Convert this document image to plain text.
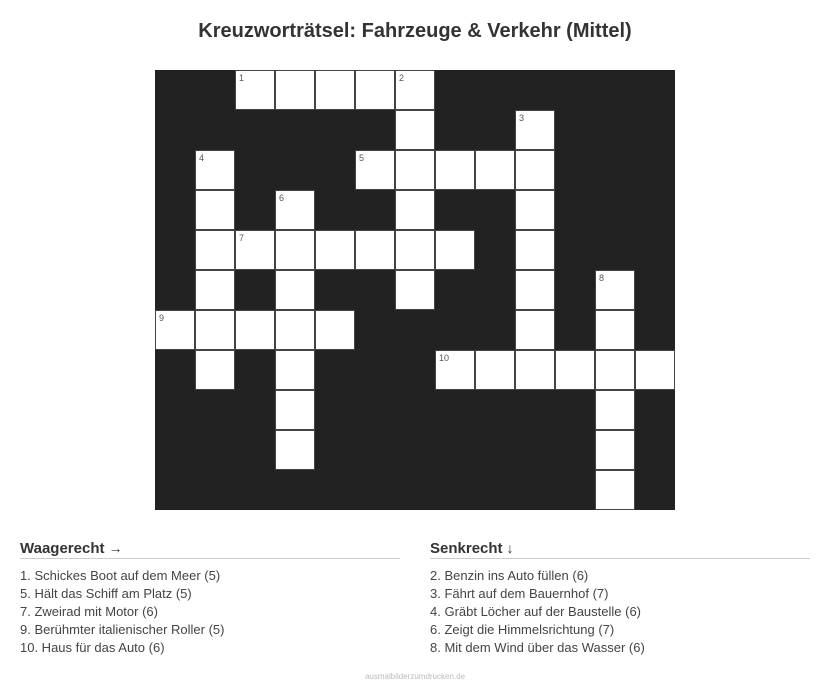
Kreuzworträtsel: Fahrzeuge & Verkehr (Mittel)
1	2
3
4	5
6
7
8
9
10
Waagerecht →
1. Schickes Boot auf dem Meer (5)
5. Hält das Schiff am Platz (5)
7. Zweirad mit Motor (6)
9. Berühmter italienischer Roller (5)
10. Haus für das Auto (6)
Senkrecht ↓
2. Benzin ins Auto füllen (6)
3. Fährt auf dem Bauernhof (7)
4. Gräbt Löcher auf der Baustelle (6)
6. Zeigt die Himmelsrichtung (7)
8. Mit dem Wind über das Wasser (6)
ausmalbilderzumdrucken.de
